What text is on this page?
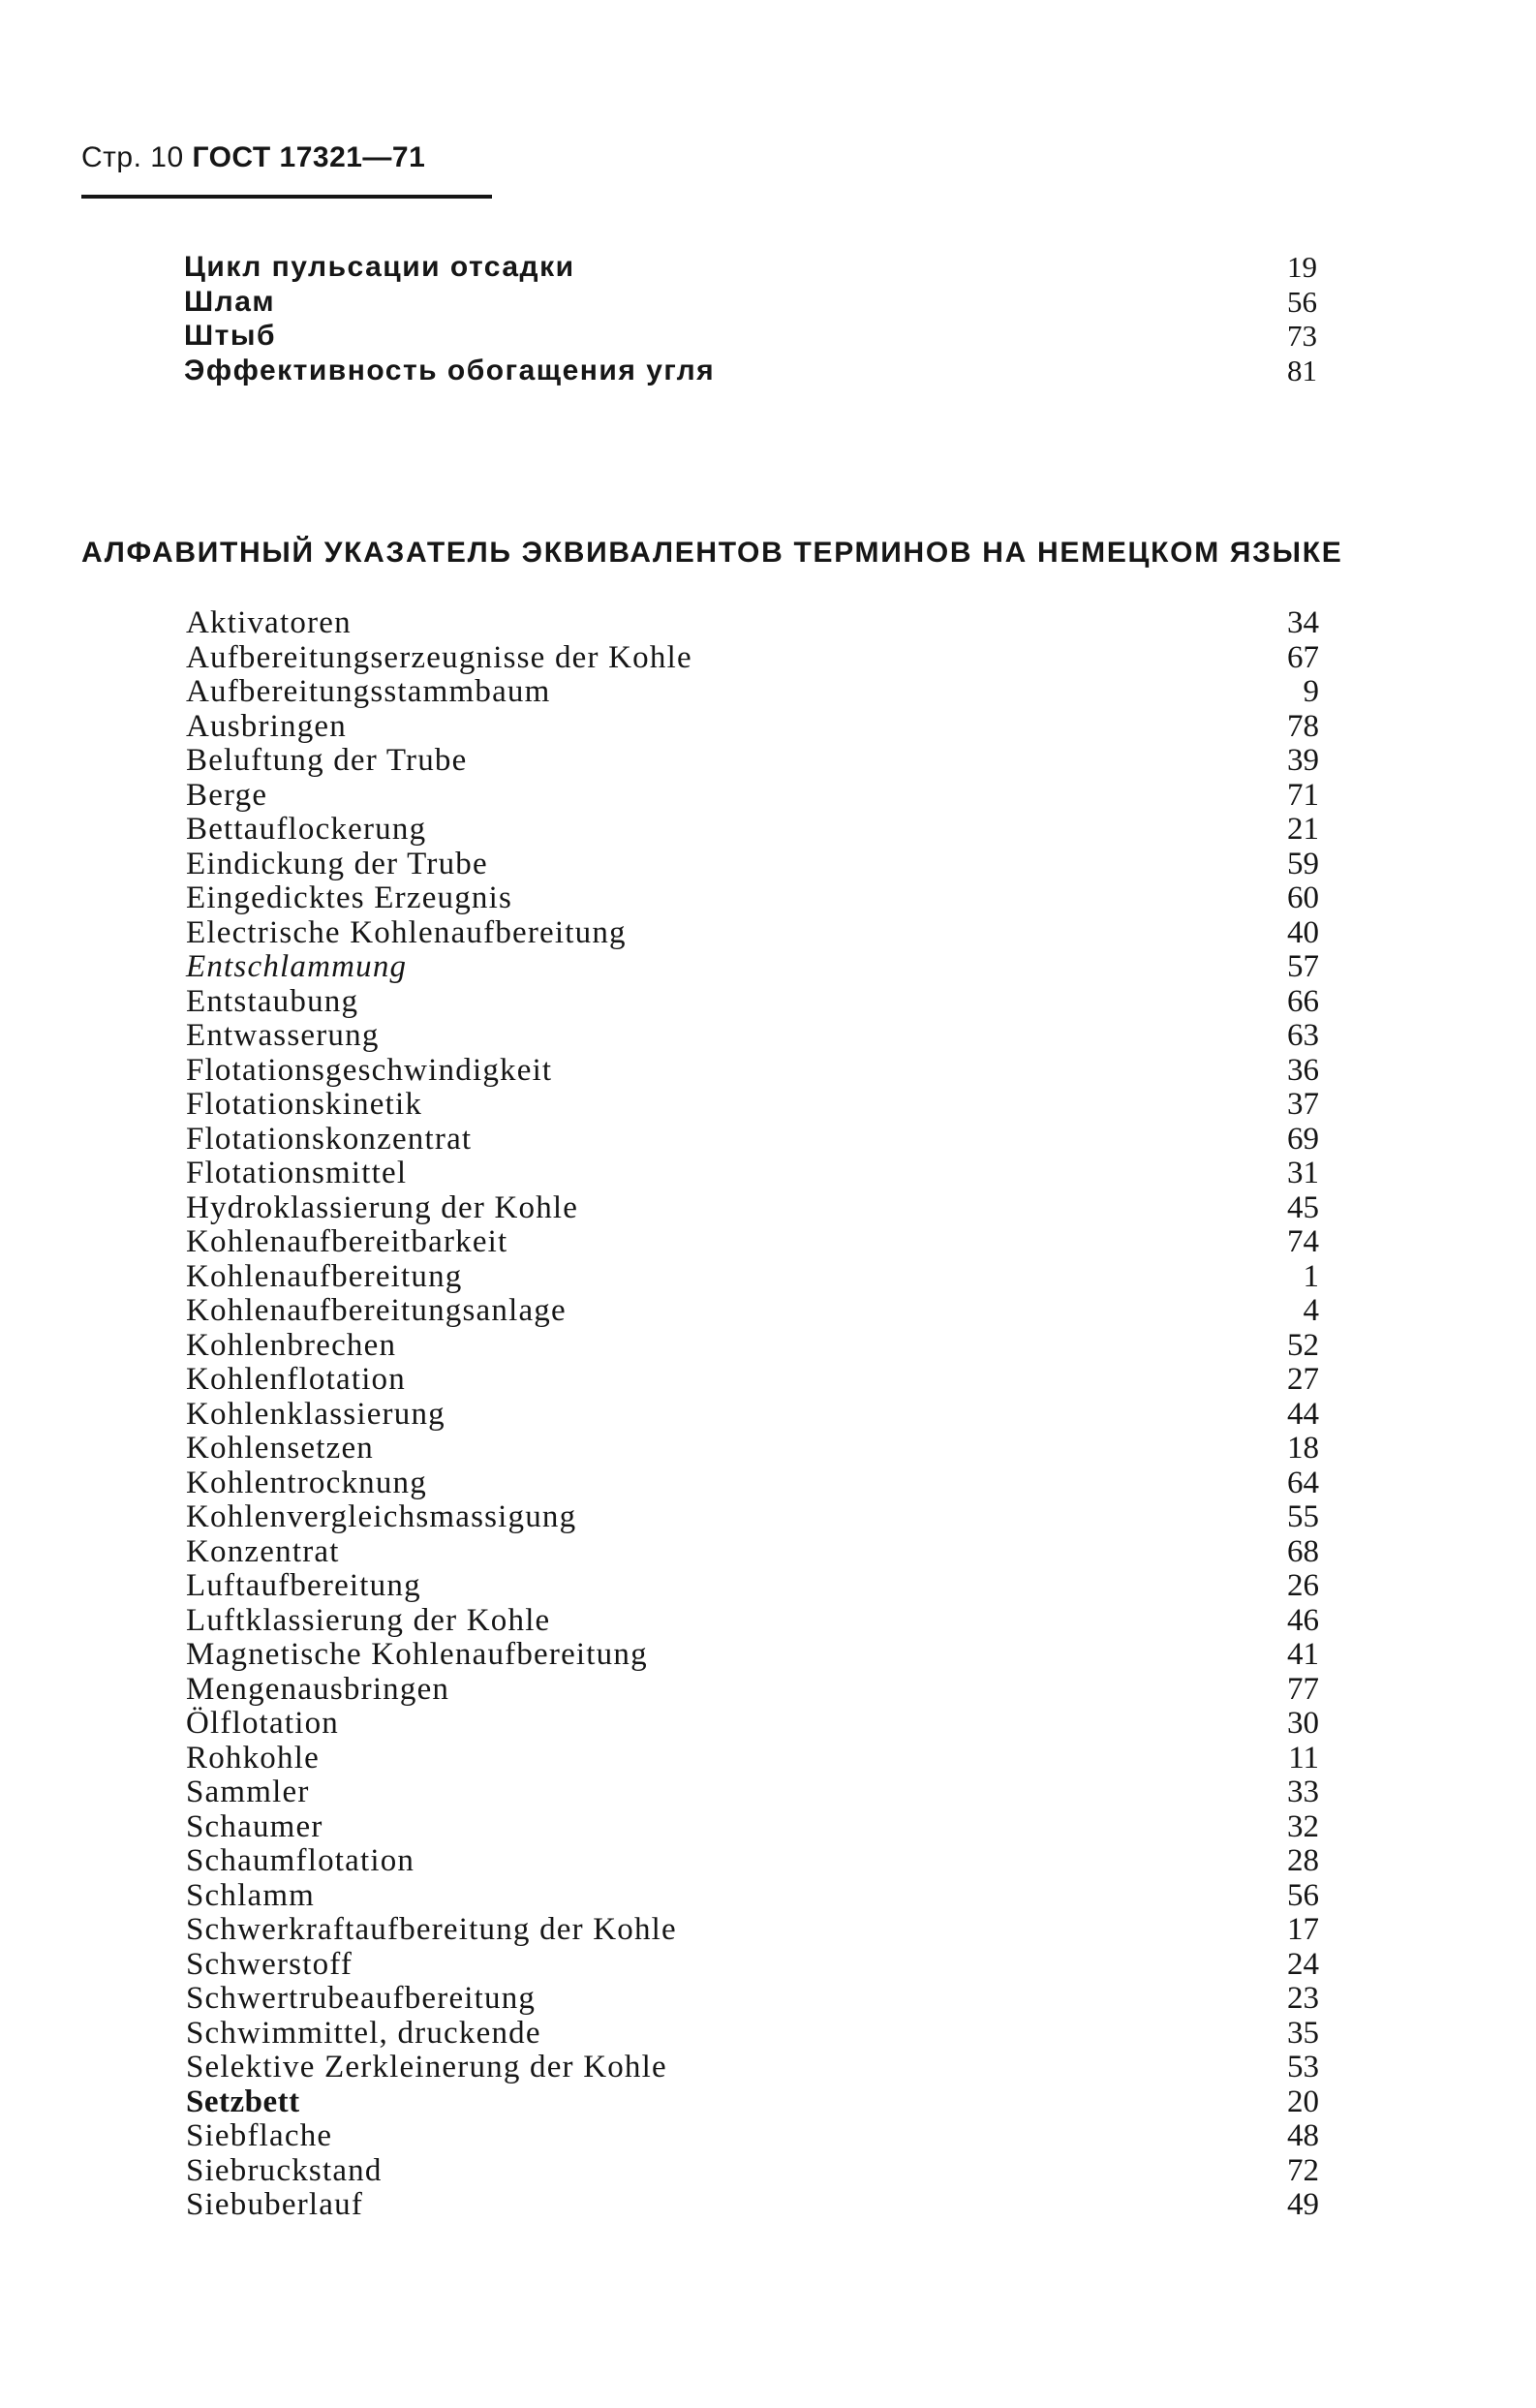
Стр. 10 ГОСТ 17321—71
Цикл пульсации отсадки	19
Шлам	56
Штыб	73
Эффективность обогащения угля	81
АЛФАВИТНЫЙ УКАЗАТЕЛЬ ЭКВИВАЛЕНТОВ ТЕРМИНОВ НА НЕМЕЦКОМ ЯЗЫКЕ
Aktivatoren	34
Aufbereitungserzeugnisse der Kohle	67
Aufbereitungsstammbaum	9
Ausbringen	78
Beluftung der Trube	39
Berge	71
Bettauflockerung	21
Eindickung der Trube	59
Eingedicktes Erzeugnis	60
Electrische Kohlenaufbereitung	40
Entschlammung	57
Entstaubung	66
Entwasserung	63
Flotationsgeschwindigkeit	36
Flotationskinetik	37
Flotationskonzentrat	69
Flotationsmittel	31
Hydroklassierung der Kohle	45
Kohlenaufbereitbarkeit	74
Kohlenaufbereitung	1
Kohlenaufbereitungsanlage	4
Kohlenbrechen	52
Kohlenflotation	27
Kohlenklassierung	44
Kohlensetzen	18
Kohlentrocknung	64
Kohlenvergleichsmassigung	55
Konzentrat	68
Luftaufbereitung	26
Luftklassierung der Kohle	46
Magnetische Kohlenaufbereitung	41
Mengenausbringen	77
Ölflotation	30
Rohkohle	11
Sammler	33
Schaumer	32
Schaumflotation	28
Schlamm	56
Schwerkraftaufbereitung der Kohle	17
Schwerstoff	24
Schwertrubeaufbereitung	23
Schwimmittel, druckende	35
Selektive Zerkleinerung der Kohle	53
Setzbett	20
Siebflache	48
Siebruckstand	72
Siebuberlauf	49
